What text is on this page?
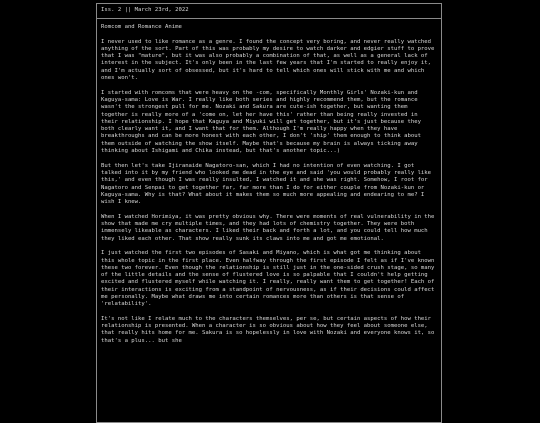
Iss. 2 || March 23rd, 2022

Romcom and Romance Anime

I never used to like romance as a genre. I found the concept very boring, and never really watched anything of the sort. Part of this was probably my desire to watch darker and edgier stuff to prove that I was "mature", but it was also probably a combination of that, as well as a general lack of interest in the subject. It's only been in the last few years that I'm started to really enjoy it, and I'm actually sort of obsessed, but it's hard to tell which ones will stick with me and which ones won't.

I started with romcoms that were heavy on the -com, specifically Monthly Girls' Nozaki-kun and Kaguya-sama: Love is War. I really like both series and highly recommend them, but the romance wasn't the strongest pull for me. Nozaki and Sakura are cute-ish together, but wanting them together is really more of a 'come on, let her have this' rather than being really invested in their relationship. I hope that Kaguya and Miyuki will get together, but it's just because they both clearly want it, and I want that for them. Although I'm really happy when they have breakthroughs and can be more honest with each other, I don't 'ship' them enough to think about them outside of watching the show itself. Maybe that's because my brain is always ticking away thinking about Ishigami and Chika instead, but that's another topic...)

But then let's take Ijiranaide Nagatoro-san, which I had no intention of even watching. I got talked into it by my friend who looked me dead in the eye and said 'you would probably really like this,' and even though I was really insulted, I watched it and she was right. Somehow, I root for Nagatoro and Senpai to get together far, far more than I do for either couple from Nozaki-kun or Kaguya-sama. Why is that? What about it makes them so much more appealing and endearing to me? I wish I knew.

When I watched Horimiya, it was pretty obvious why. There were moments of real vulnerability in the show that made me cry multiple times, and they had lots of chemistry together. They were both immensely likeable as characters. I liked their back and forth a lot, and you could tell how much they liked each other. That show really sunk its claws into me and got me emotional.

I just watched the first two episodes of Sasaki and Miyano, which is what got me thinking about this whole topic in the first place. Even halfway through the first episode I felt as if I've known these two forever. Even though the relationship is still just in the one-sided crush stage, so many of the little details and the sense of flustered love is so palpable that I couldn't help getting excited and flustered myself while watching it. I really, really want them to get together! Each of their interactions is exciting from a standpoint of nervousness, as if their decisions could affect me personally. Maybe what draws me into certain romances more than others is that sense of 'relatability'.

It's not like I relate much to the characters themselves, per se, but certain aspects of how their relationship is presented. When a character is so obvious about how they feel about someone else, that really hits home for me. Sakura is so hopelessly in love with Nozaki and everyone knows it, so that's a plus... but she
